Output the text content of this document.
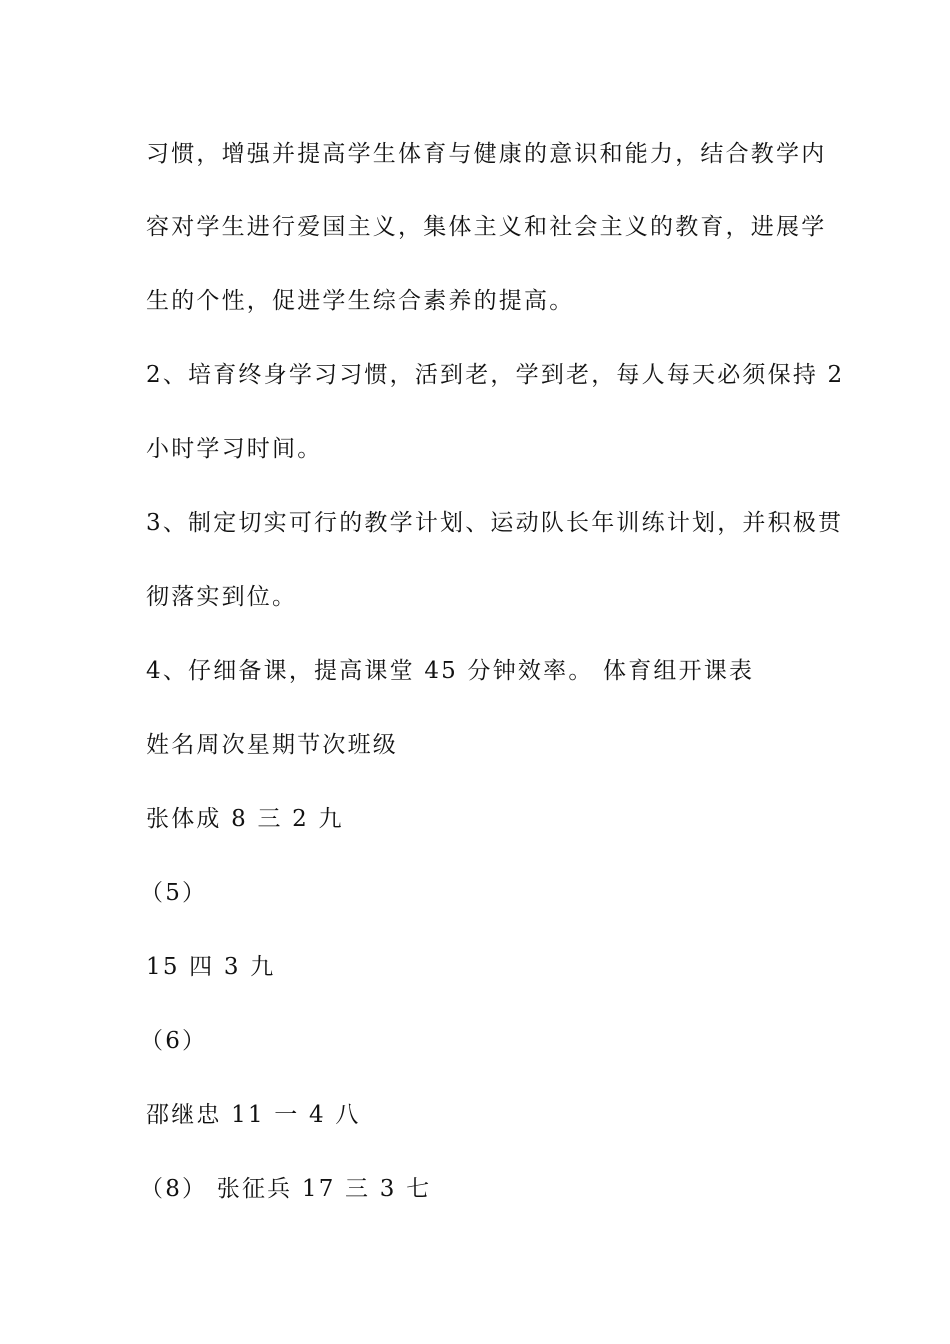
习惯，增强并提高学生体育与健康的意识和能力，结合教学内
容对学生进行爱国主义，集体主义和社会主义的教育，进展学
生的个性，促进学生综合素养的提高。
2、培育终身学习习惯，活到老，学到老，每人每天必须保持 2
小时学习时间。
3、制定切实可行的教学计划、运动队长年训练计划，并积极贯
彻落实到位。
4、仔细备课，提高课堂 45 分钟效率。 体育组开课表
姓名周次星期节次班级
张体成 8 三 2 九
（5）
15 四 3 九
（6）
邵继忠 11 一 4 八
（8） 张征兵 17 三 3 七
